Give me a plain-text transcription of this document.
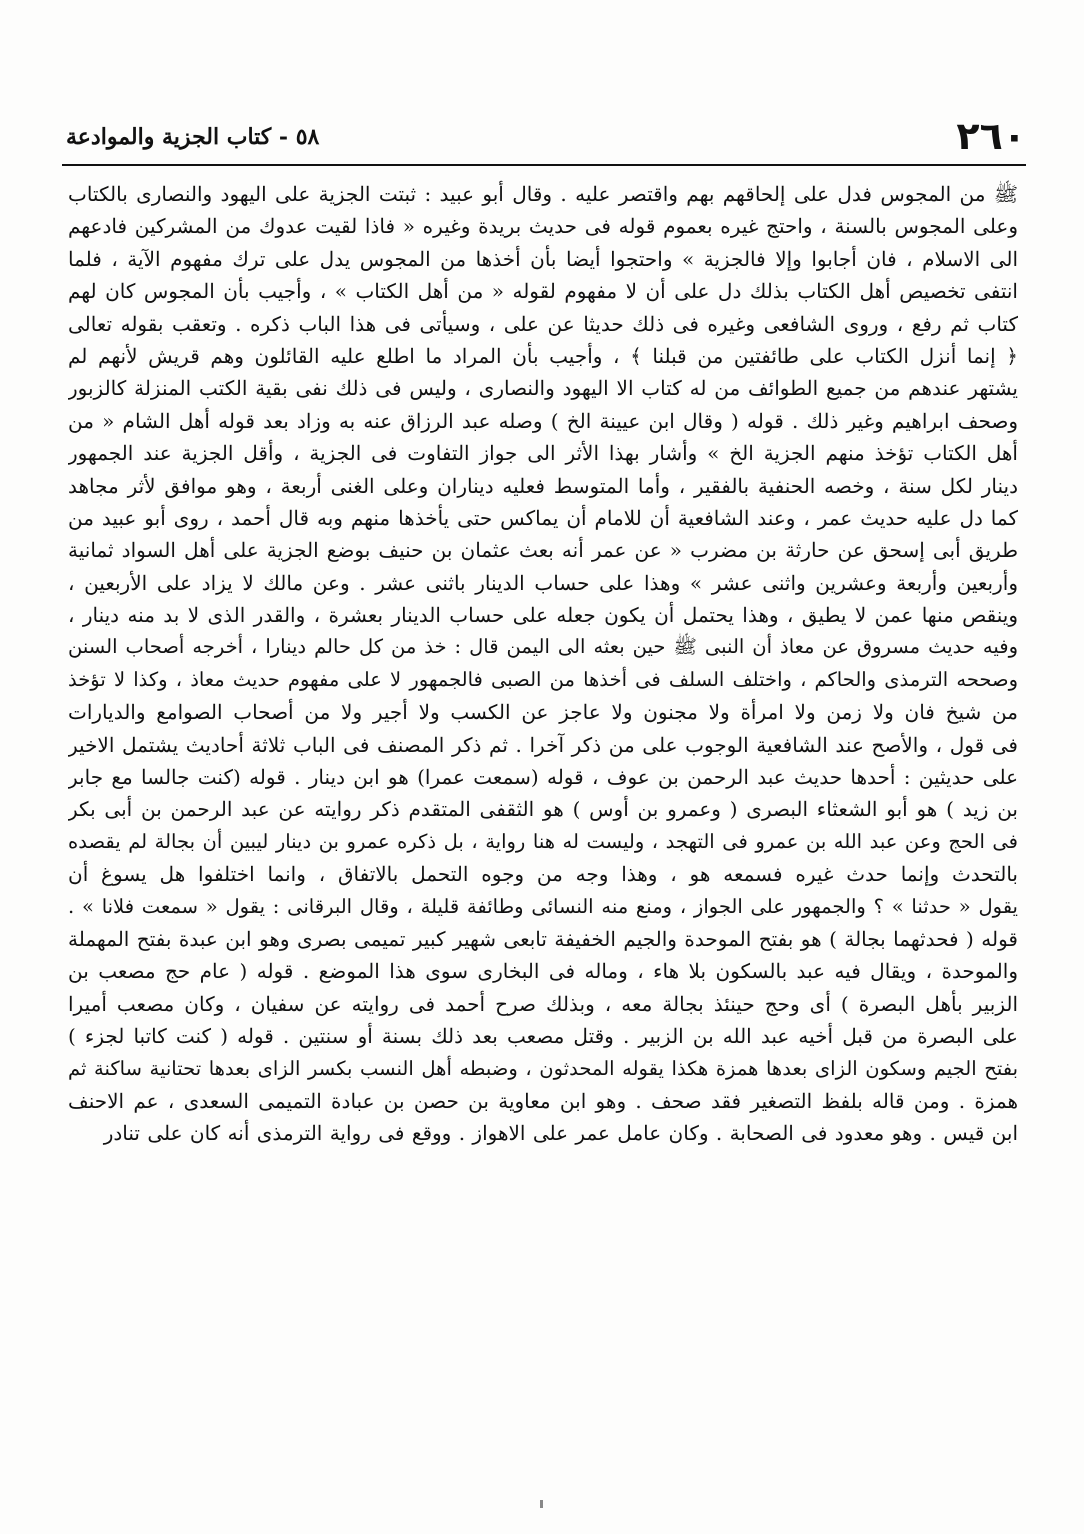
٢٦٠
٥٨ - كتاب الجزية والموادعة
ﷺ من المجوس فدل على إلحاقهم بهم واقتصر عليه . وقال أبو عبيد : ثبتت الجزية على اليهود والنصارى بالكتاب
وعلى المجوس بالسنة ، واحتج غيره بعموم قوله فى حديث بريدة وغيره « فاذا لقيت عدوك من المشركين فادعهم
الى الاسلام ، فان أجابوا وإلا فالجزية » واحتجوا أيضا بأن أخذها من المجوس يدل على ترك مفهوم الآية ، فلما
انتفى تخصيص أهل الكتاب بذلك دل على أن لا مفهوم لقوله « من أهل الكتاب » ، وأجيب بأن المجوس كان لهم
كتاب ثم رفع ، وروى الشافعى وغيره فى ذلك حديثا عن على ، وسيأتى فى هذا الباب ذكره . وتعقب بقوله تعالى
﴿ إنما أنزل الكتاب على طائفتين من قبلنا ﴾ ، وأجيب بأن المراد ما اطلع عليه القائلون وهم قريش لأنهم لم
يشتهر عندهم من جميع الطوائف من له كتاب الا اليهود والنصارى ، وليس فى ذلك نفى بقية الكتب المنزلة كالزبور
وصحف ابراهيم وغير ذلك . قوله ( وقال ابن عيينة الخ ) وصله عبد الرزاق عنه به وزاد بعد قوله أهل الشام « من
أهل الكتاب تؤخذ منهم الجزية الخ » وأشار بهذا الأثر الى جواز التفاوت فى الجزية ، وأقل الجزية عند الجمهور
دينار لكل سنة ، وخصه الحنفية بالفقير ، وأما المتوسط فعليه ديناران وعلى الغنى أربعة ، وهو موافق لأثر مجاهد
كما دل عليه حديث عمر ، وعند الشافعية أن للامام أن يماكس حتى يأخذها منهم وبه قال أحمد ، روى أبو عبيد من
طريق أبى إسحق عن حارثة بن مضرب « عن عمر أنه بعث عثمان بن حنيف بوضع الجزية على أهل السواد ثمانية
وأربعين وأربعة وعشرين واثنى عشر » وهذا على حساب الدينار باثنى عشر . وعن مالك لا يزاد على الأربعين ،
وينقص منها عمن لا يطيق ، وهذا يحتمل أن يكون جعله على حساب الدينار بعشرة ، والقدر الذى لا بد منه دينار ،
وفيه حديث مسروق عن معاذ أن النبى ﷺ حين بعثه الى اليمن قال : خذ من كل حالم دينارا ، أخرجه أصحاب السنن
وصححه الترمذى والحاكم ، واختلف السلف فى أخذها من الصبى فالجمهور لا على مفهوم حديث معاذ ، وكذا لا تؤخذ
من شيخ فان ولا زمن ولا امرأة ولا مجنون ولا عاجز عن الكسب ولا أجير ولا من أصحاب الصوامع والديارات
فى قول ، والأصح عند الشافعية الوجوب على من ذكر آخرا . ثم ذكر المصنف فى الباب ثلاثة أحاديث يشتمل الاخير
على حديثين : أحدها حديث عبد الرحمن بن عوف ، قوله (سمعت عمرا) هو ابن دينار . قوله (كنت جالسا مع جابر
بن زيد ) هو أبو الشعثاء البصرى ( وعمرو بن أوس ) هو الثقفى المتقدم ذكر روايته عن عبد الرحمن بن أبى بكر
فى الحج وعن عبد الله بن عمرو فى التهجد ، وليست له هنا رواية ، بل ذكره عمرو بن دينار ليبين أن بجالة لم يقصده
بالتحدث وإنما حدث غيره فسمعه هو ، وهذا وجه من وجوه التحمل بالاتفاق ، وانما اختلفوا هل يسوغ أن
يقول « حدثنا » ؟ والجمهور على الجواز ، ومنع منه النسائى وطائفة قليلة ، وقال البرقانى : يقول « سمعت فلانا » .
قوله ( فحدثهما بجالة ) هو بفتح الموحدة والجيم الخفيفة تابعى شهير كبير تميمى بصرى وهو ابن عبدة بفتح المهملة
والموحدة ، ويقال فيه عبد بالسكون بلا هاء ، وماله فى البخارى سوى هذا الموضع . قوله ( عام حج مصعب بن
الزبير بأهل البصرة ) أى وحج حينئذ بجالة معه ، وبذلك صرح أحمد فى روايته عن سفيان ، وكان مصعب أميرا
على البصرة من قبل أخيه عبد الله بن الزبير . وقتل مصعب بعد ذلك بسنة أو سنتين . قوله ( كنت كاتبا لجزء )
بفتح الجيم وسكون الزاى بعدها همزة هكذا يقوله المحدثون ، وضبطه أهل النسب بكسر الزاى بعدها تحتانية ساكنة ثم
همزة . ومن قاله بلفظ التصغير فقد صحف . وهو ابن معاوية بن حصن بن عبادة التميمى السعدى ، عم الاحنف
ابن قيس . وهو معدود فى الصحابة . وكان عامل عمر على الاهواز . ووقع فى رواية الترمذى أنه كان على تنادر
